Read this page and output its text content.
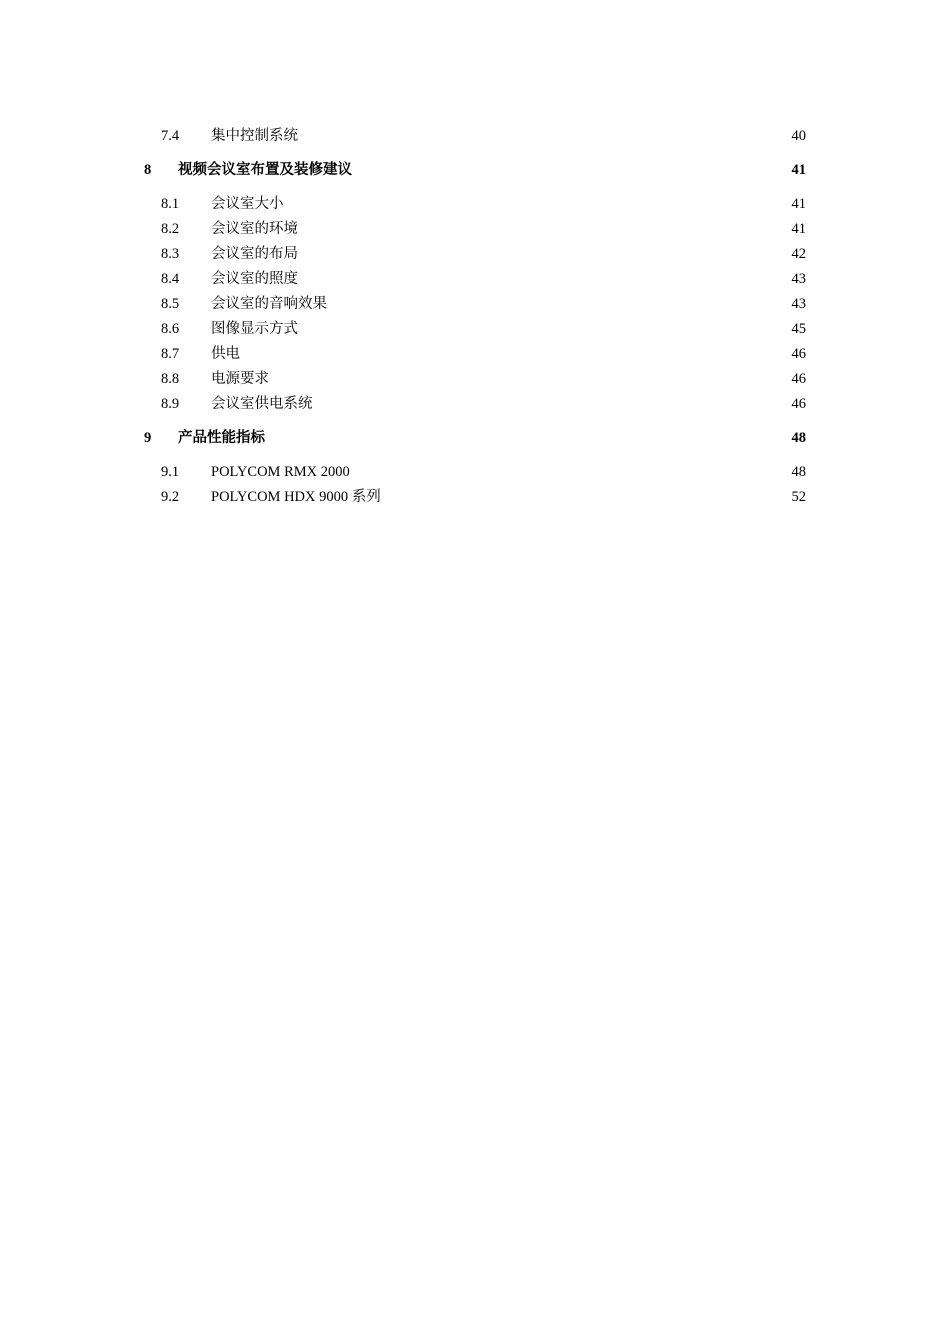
7.4	集中控制系统	40
8	视频会议室布置及装修建议	41
8.1	会议室大小	41
8.2	会议室的环境	41
8.3	会议室的布局	42
8.4	会议室的照度	43
8.5	会议室的音响效果	43
8.6	图像显示方式	45
8.7	供电	46
8.8	电源要求	46
8.9	会议室供电系统	46
9	产品性能指标	48
9.1	POLYCOM RMX 2000	48
9.2	POLYCOM HDX 9000 系列	52
